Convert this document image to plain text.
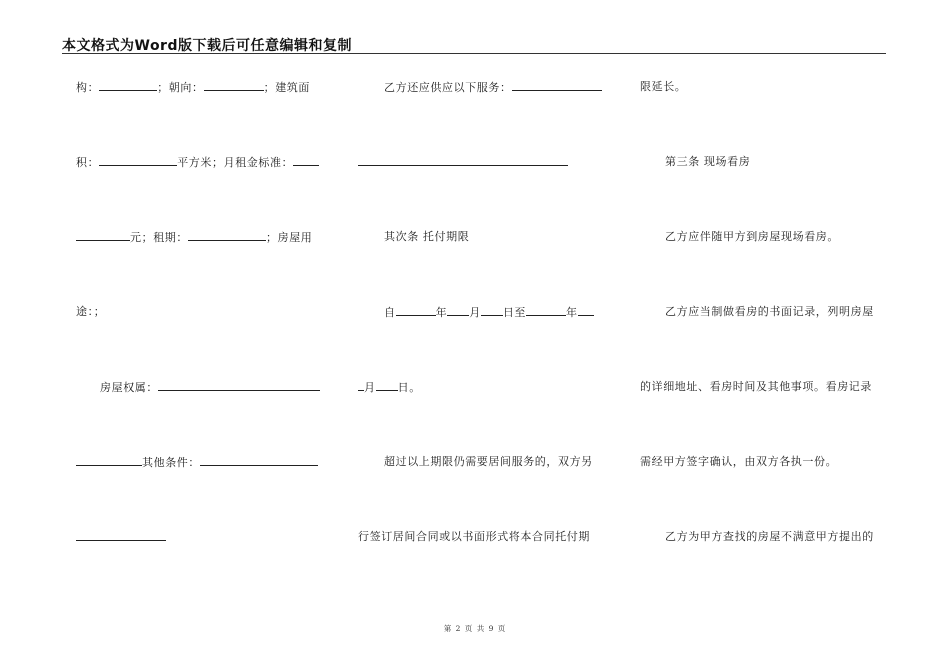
本文格式为Word版下载后可任意编辑和复制
构：	；朝向：	；建筑面
积：	平方米；月租金标准：
元；租期：	；房屋用
途：；
房屋权属：
其他条件：
乙方还应供应以下服务：
其次条 托付期限
自	年 月 日至	年
月 日。
超过以上期限仍需要居间服务的，双方另
行签订居间合同或以书面形式将本合同托付期
限延长。
第三条 现场看房
乙方应伴随甲方到房屋现场看房。
乙方应当制做看房的书面记录，列明房屋
的详细地址、看房时间及其他事项。看房记录
需经甲方签字确认，由双方各执一份。
乙方为甲方查找的房屋不满意甲方提出的
第 2 页 共 9 页
